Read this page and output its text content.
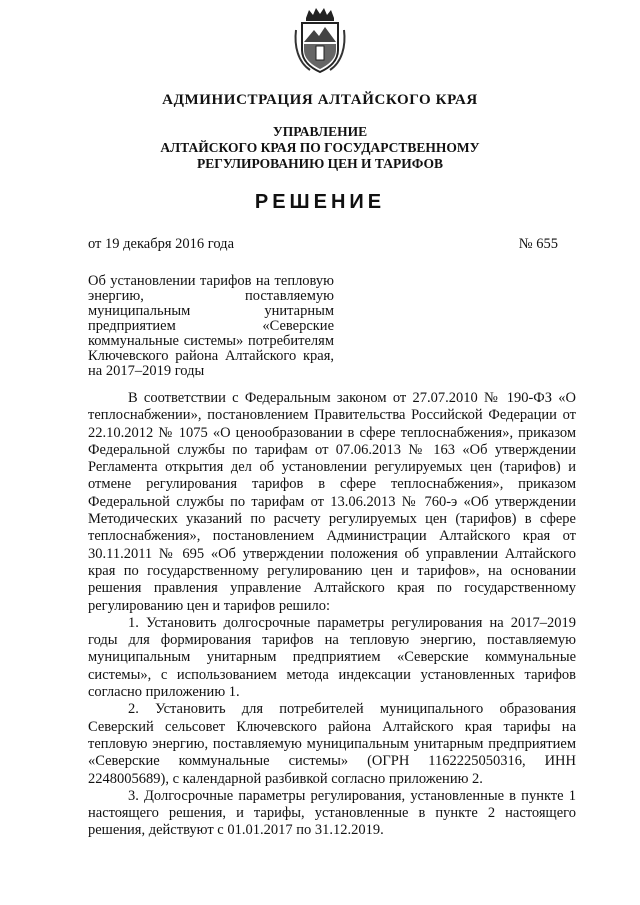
АДМИНИСТРАЦИЯ АЛТАЙСКОГО КРАЯ
УПРАВЛЕНИЕ
АЛТАЙСКОГО КРАЯ ПО ГОСУДАРСТВЕННОМУ
РЕГУЛИРОВАНИЮ ЦЕН И ТАРИФОВ
РЕШЕНИЕ
от 19 декабря 2016 года	№ 655
Об установлении тарифов на тепловую энергию, поставляемую муниципальным унитарным предприятием «Северские коммунальные системы» потребителям Ключевского района Алтайского края, на 2017–2019 годы

В соответствии с Федеральным законом от 27.07.2010 № 190-ФЗ «О теплоснабжении», постановлением Правительства Российской Федерации от 22.10.2012 № 1075 «О ценообразовании в сфере теплоснабжения», приказом Федеральной службы по тарифам от 07.06.2013 № 163 «Об утверждении Регламента открытия дел об установлении регулируемых цен (тарифов) и отмене регулирования тарифов в сфере теплоснабжения», приказом Федеральной службы по тарифам от 13.06.2013 № 760-э «Об утверждении Методических указаний по расчету регулируемых цен (тарифов) в сфере теплоснабжения», постановлением Администрации Алтайского края от 30.11.2011 № 695 «Об утверждении положения об управлении Алтайского края по государственному регулированию цен и тарифов», на основании решения правления управление Алтайского края по государственному регулированию цен и тарифов решило:

1. Установить долгосрочные параметры регулирования на 2017–2019 годы для формирования тарифов на тепловую энергию, поставляемую муниципальным унитарным предприятием «Северские коммунальные системы», с использованием метода индексации установленных тарифов согласно приложению 1.

2. Установить для потребителей муниципального образования Северский сельсовет Ключевского района Алтайского края тарифы на тепловую энергию, поставляемую муниципальным унитарным предприятием «Северские коммунальные системы» (ОГРН 1162225050316, ИНН 2248005689), с календарной разбивкой согласно приложению 2.

3. Долгосрочные параметры регулирования, установленные в пункте 1 настоящего решения, и тарифы, установленные в пункте 2 настоящего решения, действуют с 01.01.2017 по 31.12.2019.
